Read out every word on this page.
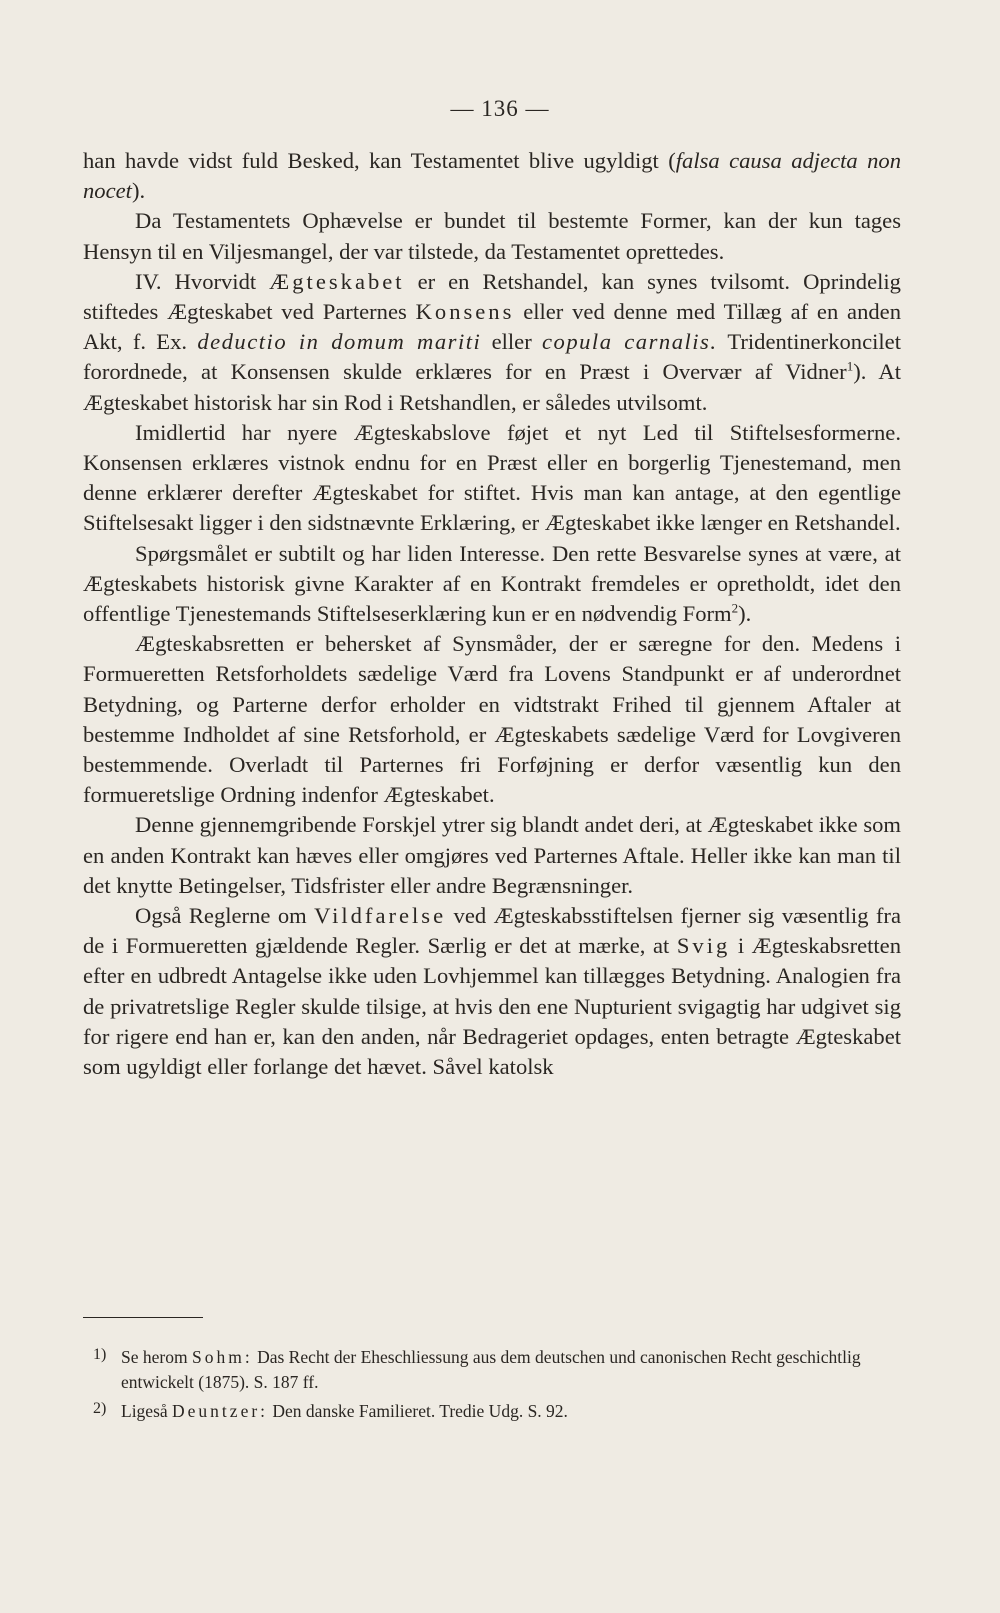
— 136 —

han havde vidst fuld Besked, kan Testamentet blive ugyldigt (falsa causa adjecta non nocet).

Da Testamentets Ophævelse er bundet til bestemte Former, kan der kun tages Hensyn til en Viljesmangel, der var tilstede, da Testamentet oprettedes.

IV. Hvorvidt Ægteskabet er en Retshandel, kan synes tvilsomt. Oprindelig stiftedes Ægteskabet ved Parternes Konsens eller ved denne med Tillæg af en anden Akt, f. Ex. deductio in domum mariti eller copula carnalis. Tridentinerkoncilet forordnede, at Konsensen skulde erklæres for en Præst i Overvær af Vidner$^1$). At Ægteskabet historisk har sin Rod i Retshandlen, er således utvilsomt.

Imidlertid har nyere Ægteskabslove føjet et nyt Led til Stiftelsesformerne. Konsensen erklæres vistnok endnu for en Præst eller en borgerlig Tjenestemand, men denne erklærer derefter Ægteskabet for stiftet. Hvis man kan antage, at den egentlige Stiftelsesakt ligger i den sidstnævnte Erklæring, er Ægteskabet ikke længer en Retshandel.

Spørgsmålet er subtilt og har liden Interesse. Den rette Besvarelse synes at være, at Ægteskabets historisk givne Karakter af en Kontrakt fremdeles er opretholdt, idet den offentlige Tjenestemands Stiftelseserklæring kun er en nødvendig Form$^2$).

Ægteskabsretten er behersket af Synsmåder, der er særegne for den. Medens i Formueretten Retsforholdets sædelige Værd fra Lovens Standpunkt er af underordnet Betydning, og Parterne derfor erholder en vidtstrakt Frihed til gjennem Aftaler at bestemme Indholdet af sine Retsforhold, er Ægteskabets sædelige Værd for Lovgiveren bestemmende. Overladt til Parternes fri Forføjning er derfor væsentlig kun den formueretslige Ordning indenfor Ægteskabet.

Denne gjennemgribende Forskjel ytrer sig blandt andet deri, at Ægteskabet ikke som en anden Kontrakt kan hæves eller omgjøres ved Parternes Aftale. Heller ikke kan man til det knytte Betingelser, Tidsfrister eller andre Begrænsninger.

Også Reglerne om Vildfarelse ved Ægteskabsstiftelsen fjerner sig væsentlig fra de i Formueretten gjældende Regler. Særlig er det at mærke, at Svig i Ægteskabsretten efter en udbredt Antagelse ikke uden Lovhjemmel kan tillægges Betydning. Analogien fra de privatretslige Regler skulde tilsige, at hvis den ene Nupturient svigagtig har udgivet sig for rigere end han er, kan den anden, når Bedrageriet opdages, enten betragte Ægteskabet som ugyldigt eller forlange det hævet. Såvel katolsk

1) Se herom Sohm: Das Recht der Eheschliessung aus dem deutschen und canonischen Recht geschichtlig entwickelt (1875). S. 187 ff.

2) Ligeså Deuntzer: Den danske Familieret. Tredie Udg. S. 92.
